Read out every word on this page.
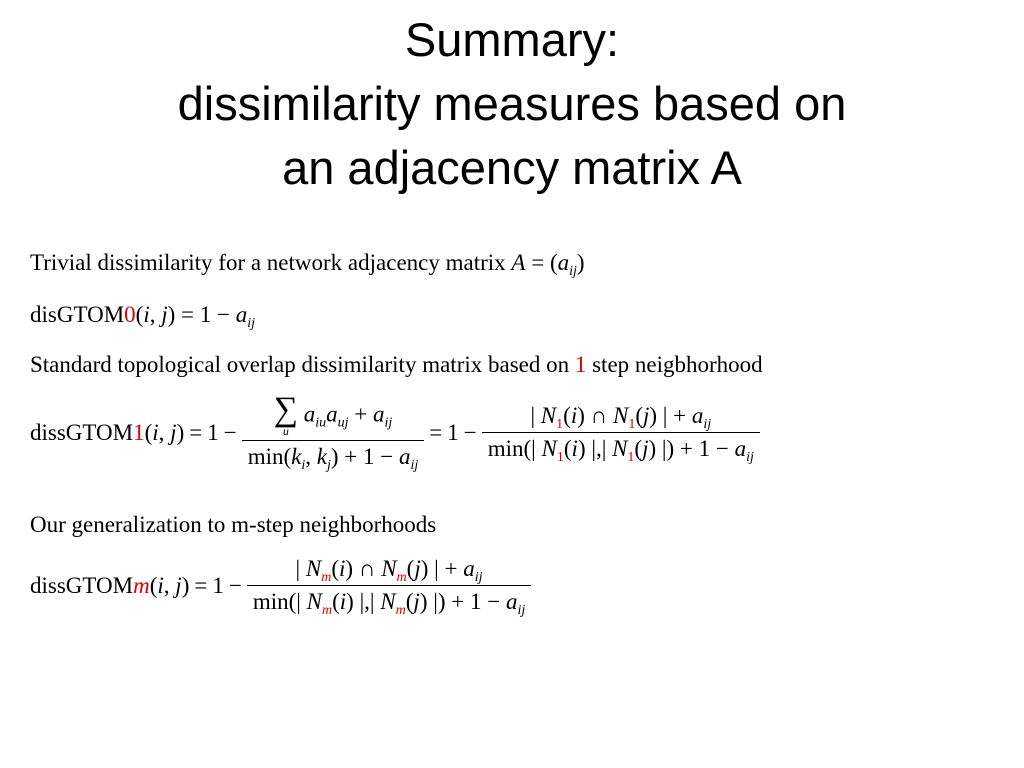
Summary:
dissimilarity measures based on
an adjacency matrix A
Trivial dissimilarity for a network adjacency matrix $A = (a_{ij})$
disGTOM0(i, $j) = 1 - a_{ij}$
Standard topological overlap dissimilarity matrix based on 1 step neigbhorhood
dissGTOM 1 (i, j) = 1 − ∑
u
$a_{iu}a_{uj} + a_{ij}$
$\min(k_i$, $k_j) + 1 - a_{ij} = 1 - \frac{| N_1(i) \cap N_1(j) | + a_{ij}}{\min(| N_1(i) |,| N_1(j) |) + 1 - a_{ij}}$
Our generalization to m-step neighborhoods
dissGTOM m (i, $j) = 1 - \frac{| N_m(i) \cap N_m(j) | + a_{ij}}{\min(| N_m(i) |,| N_m(j) |) + 1 - a_{ij}}$
